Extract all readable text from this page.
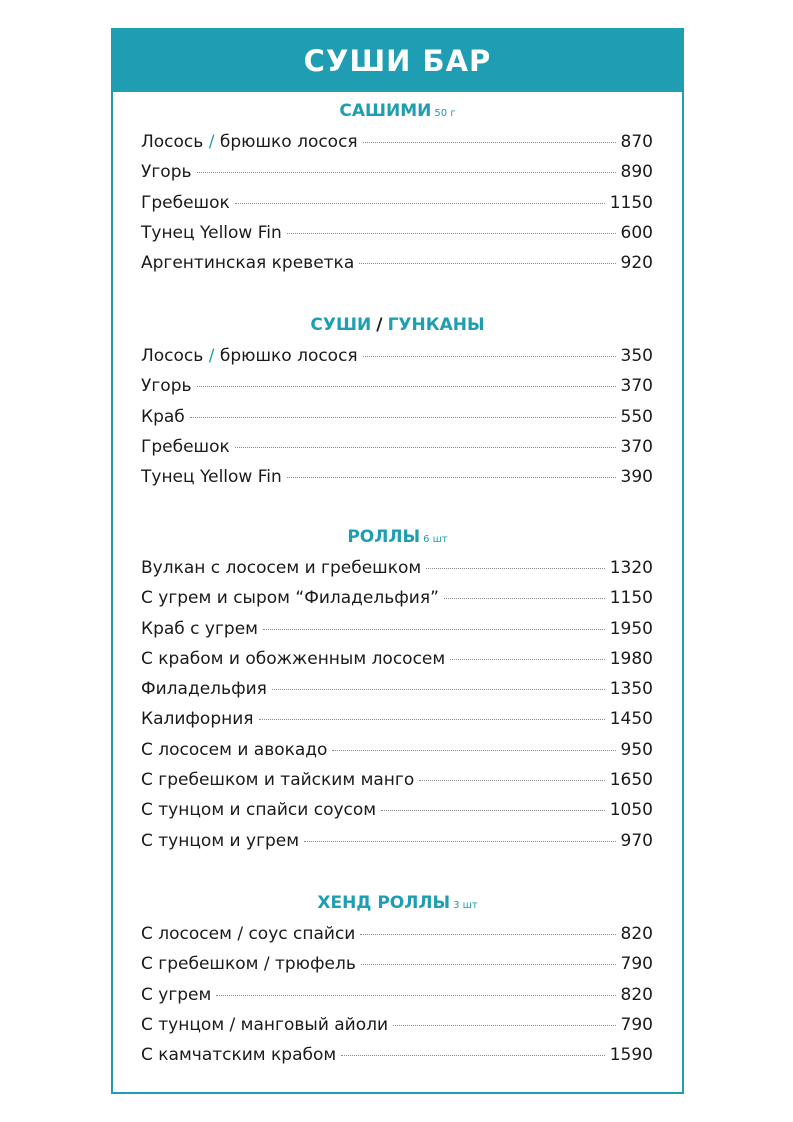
СУШИ БАР
САШИМИ 50 г
Лосось / брюшко лосося	870
Угорь	890
Гребешок	1150
Тунец Yellow Fin	600
Аргентинская креветка	920
СУШИ / ГУНКАНЫ
Лосось / брюшко лосося	350
Угорь	370
Краб	550
Гребешок	370
Тунец Yellow Fin	390
РОЛЛЫ 6 шт
Вулкан с лососем и гребешком	1320
С угрем и сыром “Филадельфия”	1150
Краб с угрем	1950
С крабом и обожженным лососем	1980
Филадельфия	1350
Калифорния	1450
С лососем и авокадо	950
С гребешком и тайским манго	1650
С тунцом и спайси соусом	1050
С тунцом и угрем	970
ХЕНД РОЛЛЫ 3 шт
С лососем / соус спайси	820
С гребешком / трюфель	790
С угрем	820
С тунцом / манговый айоли	790
С камчатским крабом	1590
